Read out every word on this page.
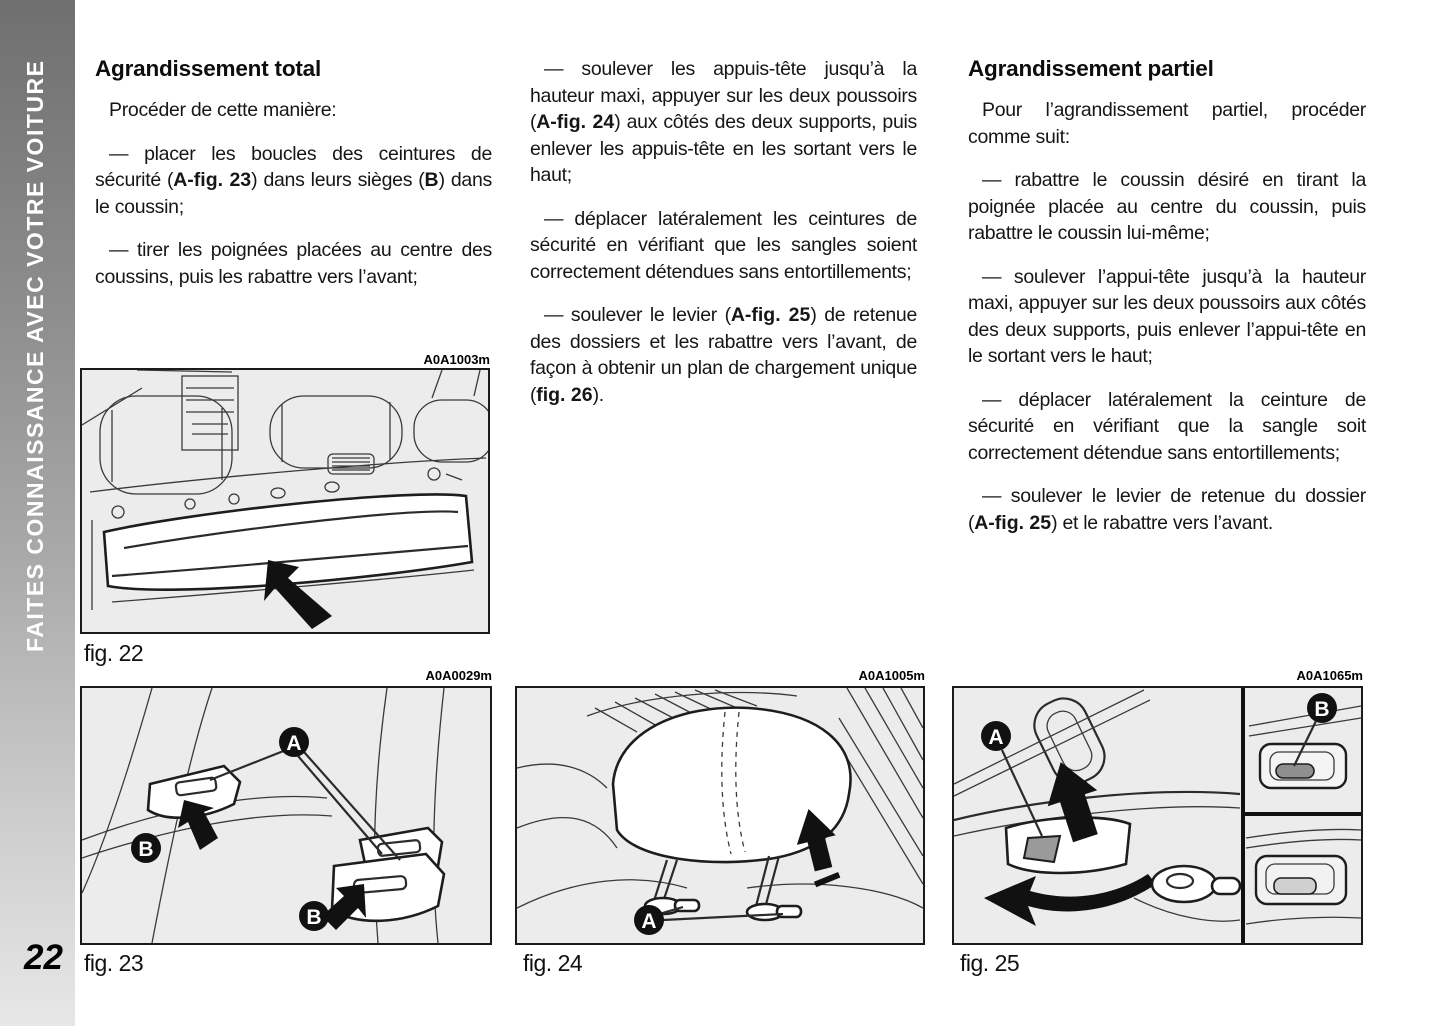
FAITES CONNAISSANCE AVEC VOTRE VOITURE
22
Agrandissement total

Procéder de cette manière:

— placer les boucles des ceintures de sécurité (A-fig. 23) dans leurs sièges (B) dans le coussin;

— tirer les poignées placées au centre des coussins, puis les rabattre vers l’avant;

— soulever les appuis-tête jusqu’à la hauteur maxi, appuyer sur les deux poussoirs (A-fig. 24) aux côtés des deux supports, puis enlever les appuis-tête en les sortant vers le haut;

— déplacer latéralement les ceintures de sécurité en vérifiant que les sangles soient correctement détendues sans entortillements;

— soulever le levier (A-fig. 25) de retenue des dossiers et les rabattre vers l’avant, de façon à obtenir un plan de chargement unique (fig. 26).

Agrandissement partiel

Pour l’agrandissement partiel, procéder comme suit:

— rabattre le coussin désiré en tirant la poignée placée au centre du coussin, puis rabattre le coussin lui-même;

— soulever l’appui-tête jusqu’à la hauteur maxi, appuyer sur les deux poussoirs aux côtés des deux supports, puis enlever l’appui-tête en le sortant vers le haut;

— déplacer latéralement la ceinture de sécurité en vérifiant que la sangle soit correctement détendue sans entortillements;

— soulever le levier de retenue du dossier (A-fig. 25) et le rabattre vers l’avant.

A0A1003m
fig. 22
A0A0029m
A
B
B
fig. 23
A0A1005m
A
fig. 24
A0A1065m
A
B
fig. 25
